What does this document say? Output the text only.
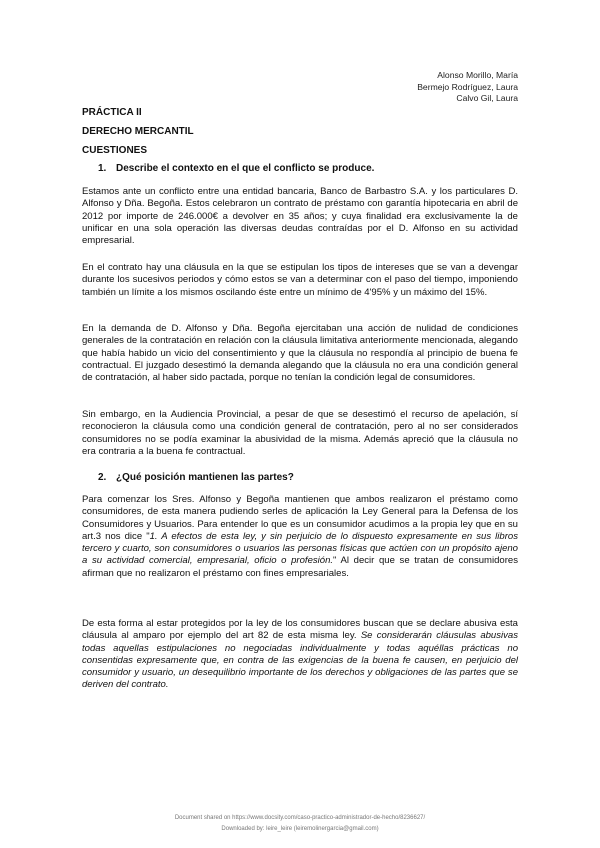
Alonso Morillo, María
Bermejo Rodríguez, Laura
Calvo Gil, Laura
PRÁCTICA II
DERECHO MERCANTIL
CUESTIONES
1. Describe el contexto en el que el conflicto se produce.
Estamos ante un conflicto entre una entidad bancaria, Banco de Barbastro S.A. y los particulares D. Alfonso y Dña. Begoña. Estos celebraron un contrato de préstamo con garantía hipotecaria en abril de 2012 por importe de 246.000€ a devolver en 35 años; y cuya finalidad era exclusivamente la de unificar en una sola operación las diversas deudas contraídas por el D. Alfonso en su actividad empresarial.
En el contrato hay una cláusula en la que se estipulan los tipos de intereses que se van a devengar durante los sucesivos periodos y cómo estos se van a determinar con el paso del tiempo, imponiendo también un límite a los mismos oscilando éste entre un mínimo de 4'95% y un máximo del 15%.
En la demanda de D. Alfonso y Dña. Begoña ejercitaban una acción de nulidad de condiciones generales de la contratación en relación con la cláusula limitativa anteriormente mencionada, alegando que había habido un vicio del consentimiento y que la cláusula no respondía al principio de buena fe contractual. El juzgado desestimó la demanda alegando que la cláusula no era una condición general de contratación, al haber sido pactada, porque no tenían la condición legal de consumidores.
Sin embargo, en la Audiencia Provincial, a pesar de que se desestimó el recurso de apelación, sí reconocieron la cláusula como una condición general de contratación, pero al no ser considerados consumidores no se podía examinar la abusividad de la misma. Además apreció que la cláusula no era contraria a la buena fe contractual.
2. ¿Qué posición mantienen las partes?
Para comenzar los Sres. Alfonso y Begoña mantienen que ambos realizaron el préstamo como consumidores, de esta manera pudiendo serles de aplicación la Ley General para la Defensa de los Consumidores y Usuarios. Para entender lo que es un consumidor acudimos a la propia ley que en su art.3 nos dice "1. A efectos de esta ley, y sin perjuicio de lo dispuesto expresamente en sus libros tercero y cuarto, son consumidores o usuarios las personas físicas que actúen con un propósito ajeno a su actividad comercial, empresarial, oficio o profesión." Al decir que se tratan de consumidores afirman que no realizaron el préstamo con fines empresariales.
De esta forma al estar protegidos por la ley de los consumidores buscan que se declare abusiva esta cláusula al amparo por ejemplo del art 82 de esta misma ley. Se considerarán cláusulas abusivas todas aquellas estipulaciones no negociadas individualmente y todas aquéllas prácticas no consentidas expresamente que, en contra de las exigencias de la buena fe causen, en perjuicio del consumidor y usuario, un desequilibrio importante de los derechos y obligaciones de las partes que se deriven del contrato.
Document shared on https://www.docsity.com/caso-practico-administrador-de-hecho/8236627/
Downloaded by: leire_leire (leiremolinergarcia@gmail.com)
